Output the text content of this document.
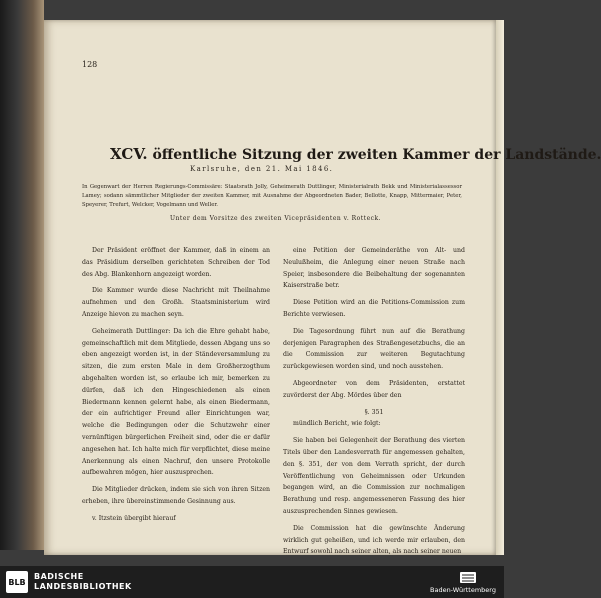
128
XCV. öffentliche Sitzung der zweiten Kammer der Landstände.
Karlsruhe, den 21. Mai 1846.
In Gegenwart der Herren Regierungs-Commissäre: Staatsrath Jolly, Geheimerath Duttlinger, Ministerialrath Bekk und Ministerialassessor Lamey; sodann sämmtlicher Mitglieder der zweiten Kammer, mit Ausnahme der Abgeordneten Bader, Bellotte, Knapp, Mittermaier, Peter, Speyerer, Trefurt, Welcker, Vogelmann und Weller.
Unter dem Vorsitze des zweiten Vicepräsidenten v. Rotteck.

Der Präsident eröffnet der Kammer, daß in einem an das Präsidium derselben gerichteten Schreiben der Tod des Abg. Blankenhorn angezeigt worden.

Die Kammer wurde diese Nachricht mit Theilnahme aufnehmen und den Großh. Staatsministerium wird Anzeige hievon zu machen seyn.

Geheimerath Duttlinger: Da ich die Ehre gehabt habe, gemeinschaftlich mit dem Mitgliede, dessen Abgang uns so eben angezeigt worden ist, in der Ständeversammlung zu sitzen, die zum ersten Male in dem Großherzogthum abgehalten worden ist, so erlaube ich mir, bemerken zu dürfen, daß ich den Hingeschiedenen als einen Biedermann kennen gelernt habe, als einen Biedermann, der ein aufrichtiger Freund aller Einrichtungen war, welche die Bedingungen oder die Schutzwehr einer vernünftigen bürgerlichen Freiheit sind, oder die er dafür angesehen hat. Ich halte mich für verpflichtet, diese meine Anerkennung als einen Nachruf, den unsere Protokolle aufbewahren mögen, hier auszusprechen.

Die Mitglieder drücken, indem sie sich von ihren Sitzen erheben, ihre übereinstimmende Gesinnung aus.

v. Itzstein übergibt hierauf

eine Petition der Gemeinderäthe von Alt- und Neulußheim, die Anlegung einer neuen Straße nach Speier, insbesondere die Beibehaltung der sogenannten Kaiserstraße betr.

Diese Petition wird an die Petitions-Commission zum Berichte verwiesen.

Die Tagesordnung führt nun auf die Berathung derjenigen Paragraphen des Straßengesetzbuchs, die an die Commission zur weiteren Begutachtung zurückgewiesen worden sind, und noch ausstehen.

Abgeordneter von dem Präsidenten, erstattet zuvörderst der Abg. Mördes über den

§. 351

mündlich Bericht, wie folgt:

Sie haben bei Gelegenheit der Berathung des vierten Titels über den Landesverrath für angemessen gehalten, den §. 351, der von dem Verrath spricht, der durch Veröffentlichung von Geheimnissen oder Urkunden begangen wird, an die Commission zur nochmaligen Berathung und resp. angemesseneren Fassung des hier auszusprechenden Sinnes gewiesen.

Die Commission hat die gewünschte Änderung wirklich gut geheißen, und ich werde mir erlauben, den Entwurf sowohl nach seiner alten, als nach seiner neuen

BLB
BADISCHE
LANDESBIBLIOTHEK	Baden-Württemberg
